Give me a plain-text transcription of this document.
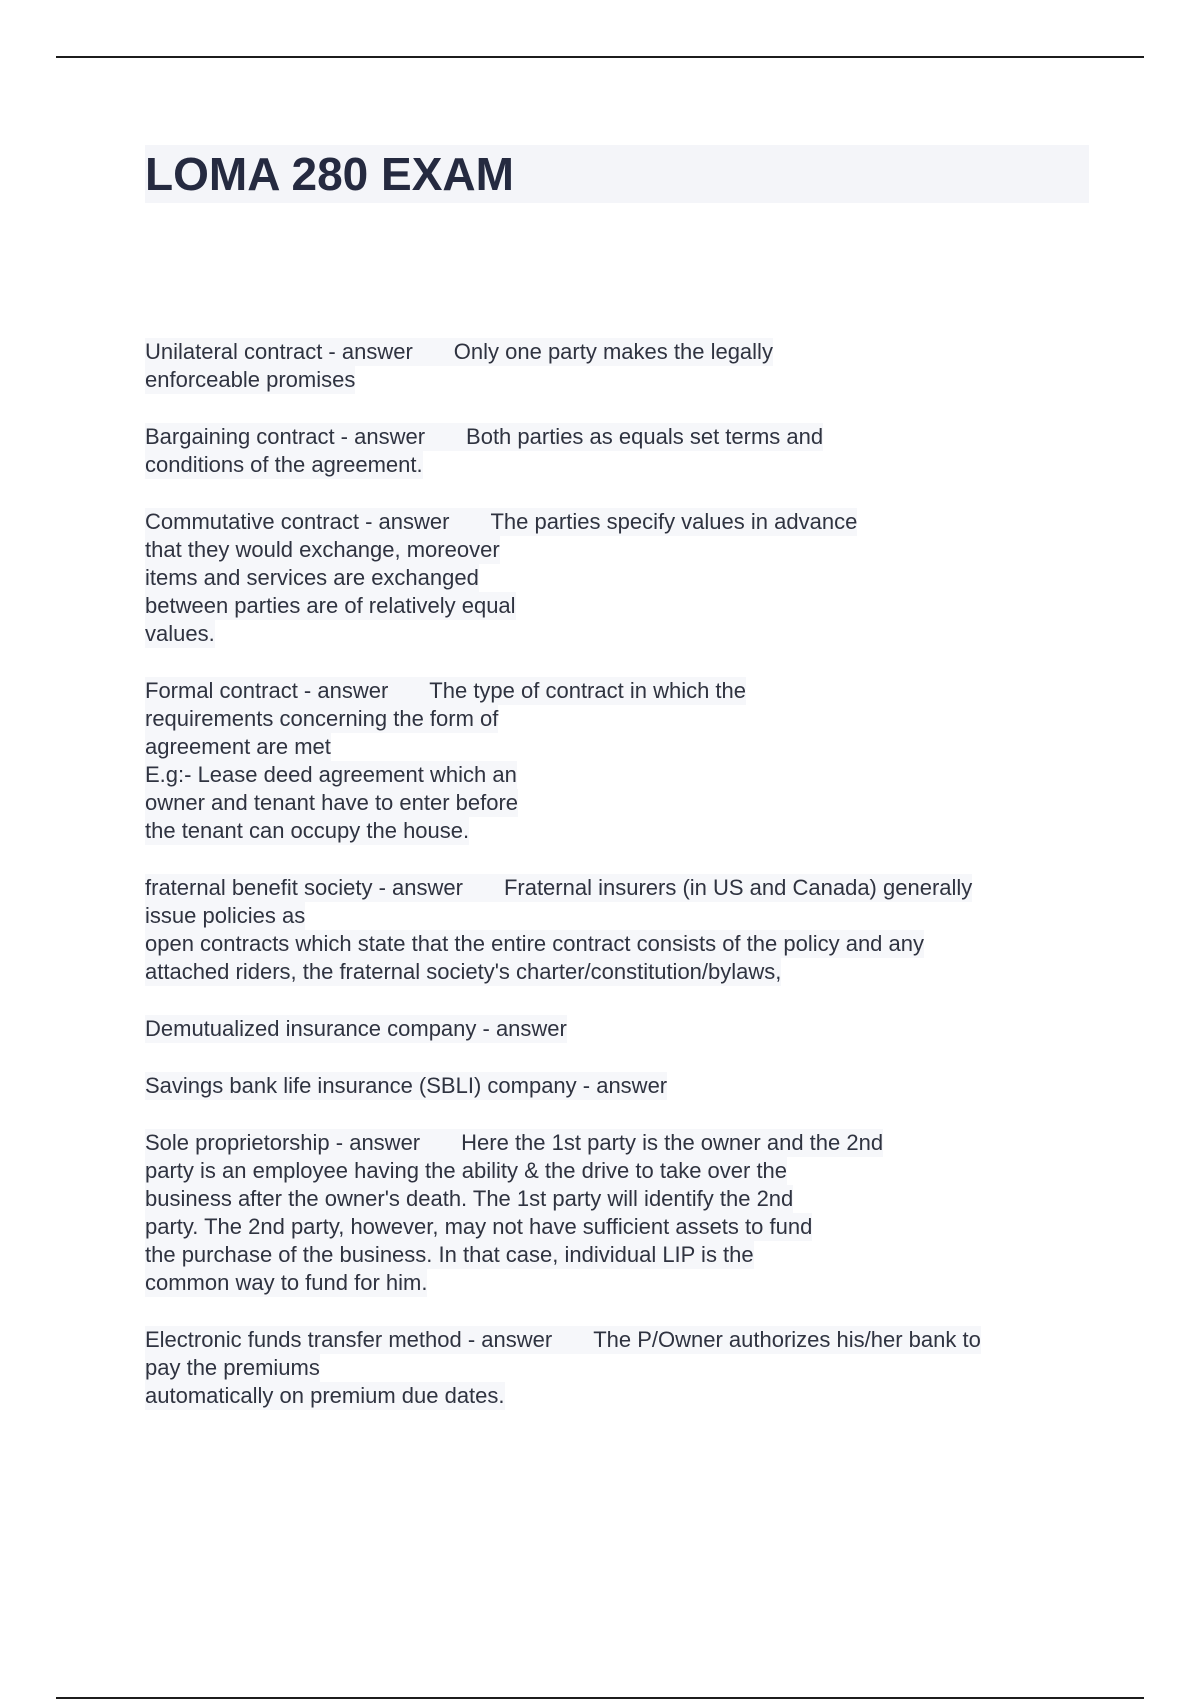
LOMA 280 EXAM
Unilateral contract - answer Only one party makes the legally
enforceable promises
Bargaining contract - answer Both parties as equals set terms and
conditions of the agreement.
Commutative contract - answer The parties specify values in advance
that they would exchange, moreover
items and services are exchanged
between parties are of relatively equal
values.
Formal contract - answer The type of contract in which the
requirements concerning the form of
agreement are met
E.g:- Lease deed agreement which an
owner and tenant have to enter before
the tenant can occupy the house.
fraternal benefit society - answer Fraternal insurers (in US and Canada) generally
issue policies as
open contracts which state that the entire contract consists of the policy and any
attached riders, the fraternal society's charter/constitution/bylaws,
Demutualized insurance company - answer
Savings bank life insurance (SBLI) company - answer
Sole proprietorship - answer Here the 1st party is the owner and the 2nd
party is an employee having the ability & the drive to take over the
business after the owner's death. The 1st party will identify the 2nd
party. The 2nd party, however, may not have sufficient assets to fund
the purchase of the business. In that case, individual LIP is the
common way to fund for him.
Electronic funds transfer method - answer The P/Owner authorizes his/her bank to
pay the premiums
automatically on premium due dates.
